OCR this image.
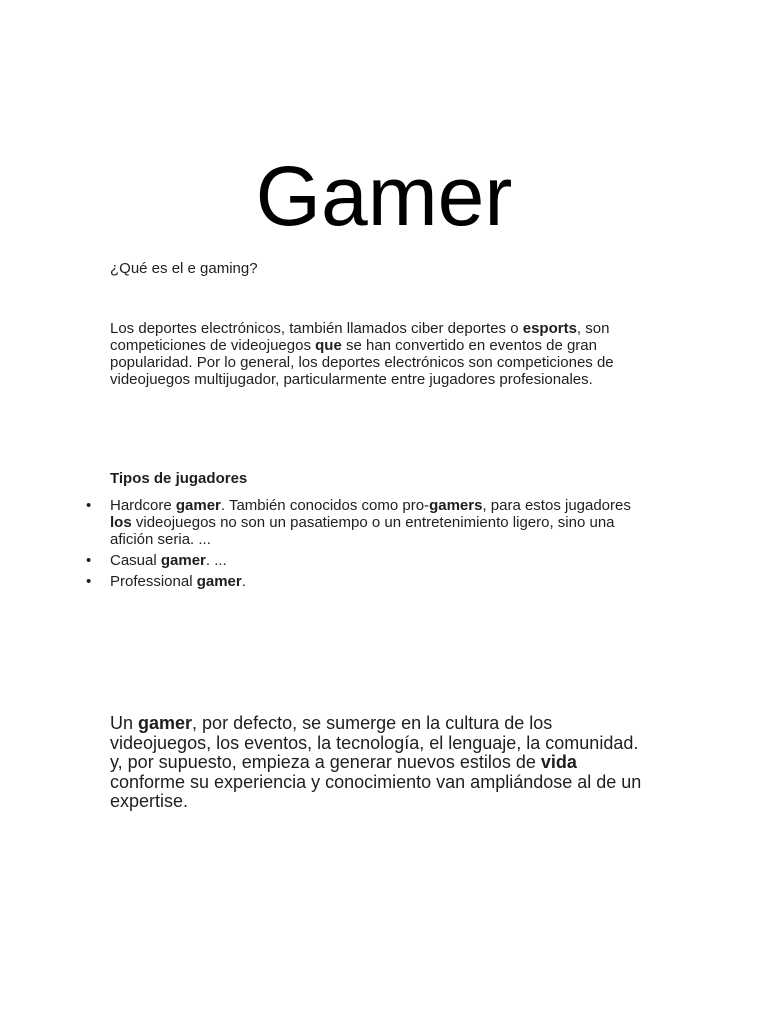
Gamer
¿Qué es el e gaming?

Los deportes electrónicos, también llamados ciber deportes o esports, son competiciones de videojuegos que se han convertido en eventos de gran popularidad. Por lo general, los deportes electrónicos son competiciones de videojuegos multijugador, particularmente entre jugadores profesionales.

Tipos de jugadores
• Hardcore gamer. También conocidos como pro-gamers, para estos jugadores los videojuegos no son un pasatiempo o un entretenimiento ligero, sino una afición seria. ...
• Casual gamer. ...
• Professional gamer.

Un gamer, por defecto, se sumerge en la cultura de los videojuegos, los eventos, la tecnología, el lenguaje, la comunidad. y, por supuesto, empieza a generar nuevos estilos de vida conforme su experiencia y conocimiento van ampliándose al de un expertise.
